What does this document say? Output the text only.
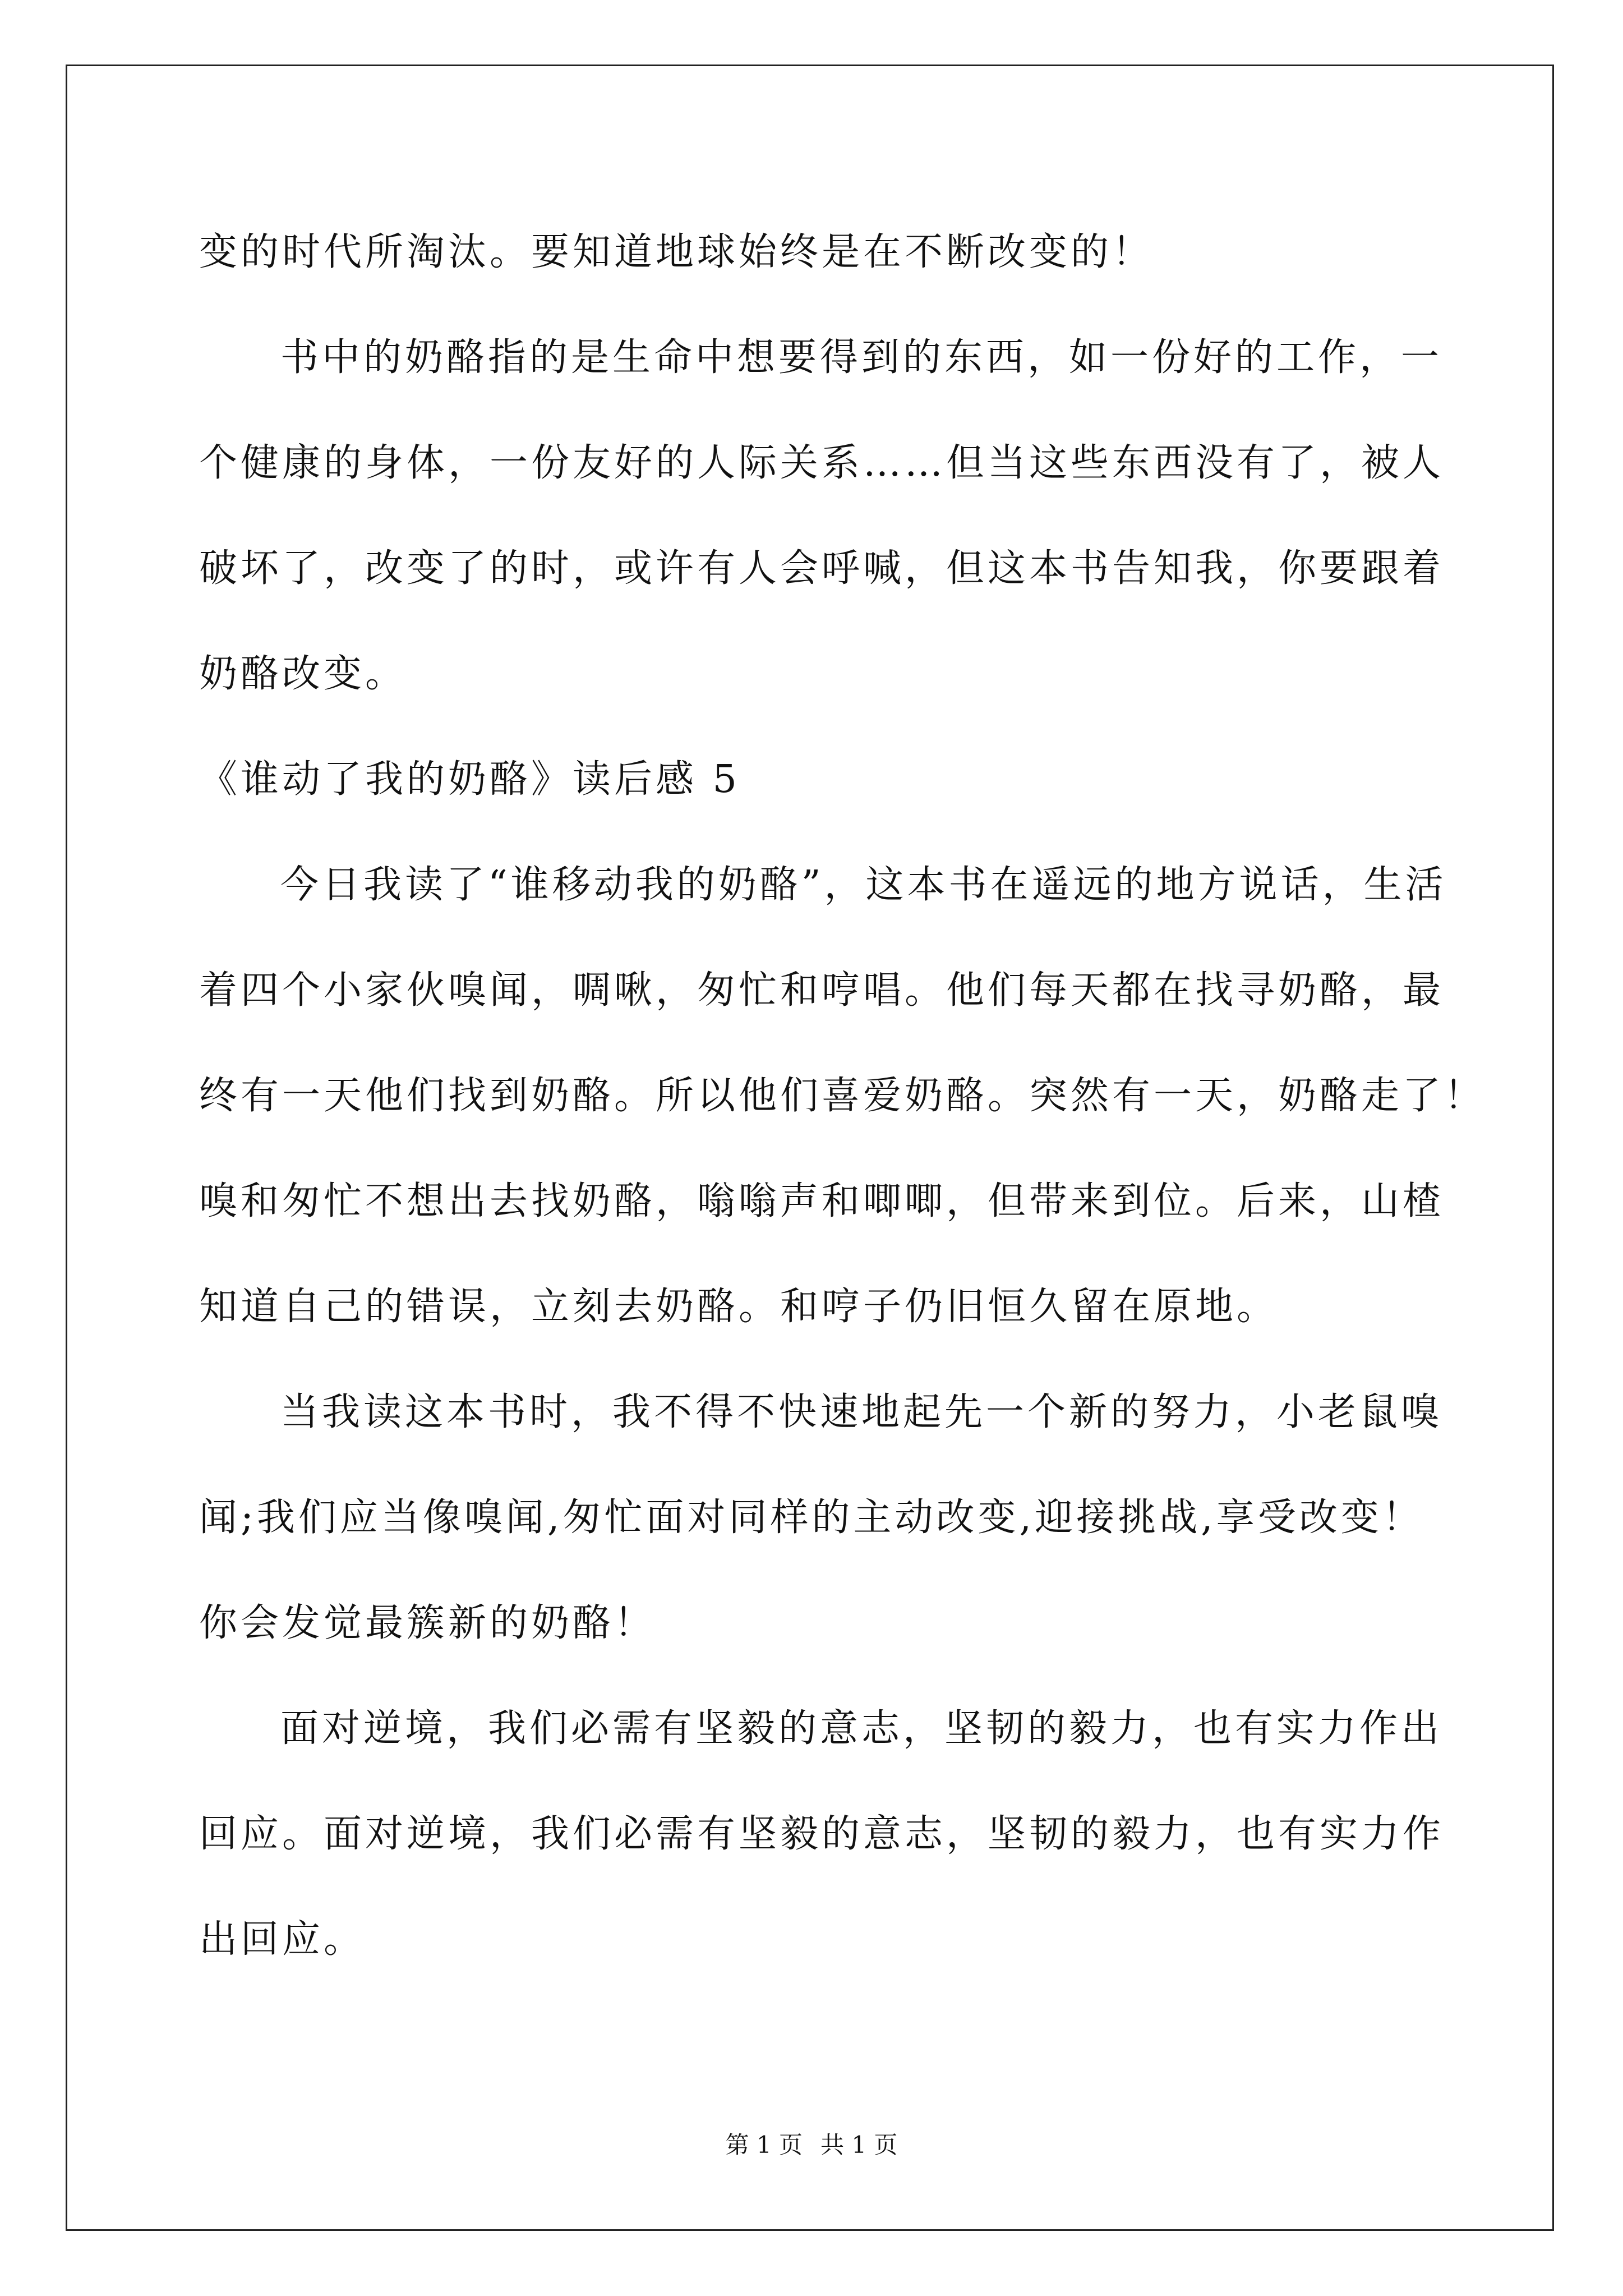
变的时代所淘汰。要知道地球始终是在不断改变的！
书中的奶酪指的是生命中想要得到的东西，如一份好的工作，一
个健康的身体，一份友好的人际关系……但当这些东西没有了，被人
破坏了，改变了的时，或许有人会呼喊，但这本书告知我，你要跟着
奶酪改变。
《谁动了我的奶酪》读后感 5
今日我读了“谁移动我的奶酪”，这本书在遥远的地方说话，生活
着四个小家伙嗅闻，啁啾，匆忙和哼唱。他们每天都在找寻奶酪，最
终有一天他们找到奶酪。所以他们喜爱奶酪。突然有一天，奶酪走了！
嗅和匆忙不想出去找奶酪，嗡嗡声和唧唧，但带来到位。后来，山楂
知道自己的错误，立刻去奶酪。和哼子仍旧恒久留在原地。
当我读这本书时，我不得不快速地起先一个新的努力，小老鼠嗅
闻;我们应当像嗅闻,匆忙面对同样的主动改变,迎接挑战,享受改变！
你会发觉最簇新的奶酪！
面对逆境，我们必需有坚毅的意志，坚韧的毅力，也有实力作出
回应。面对逆境，我们必需有坚毅的意志，坚韧的毅力，也有实力作
出回应。
第 1 页 共 1 页
